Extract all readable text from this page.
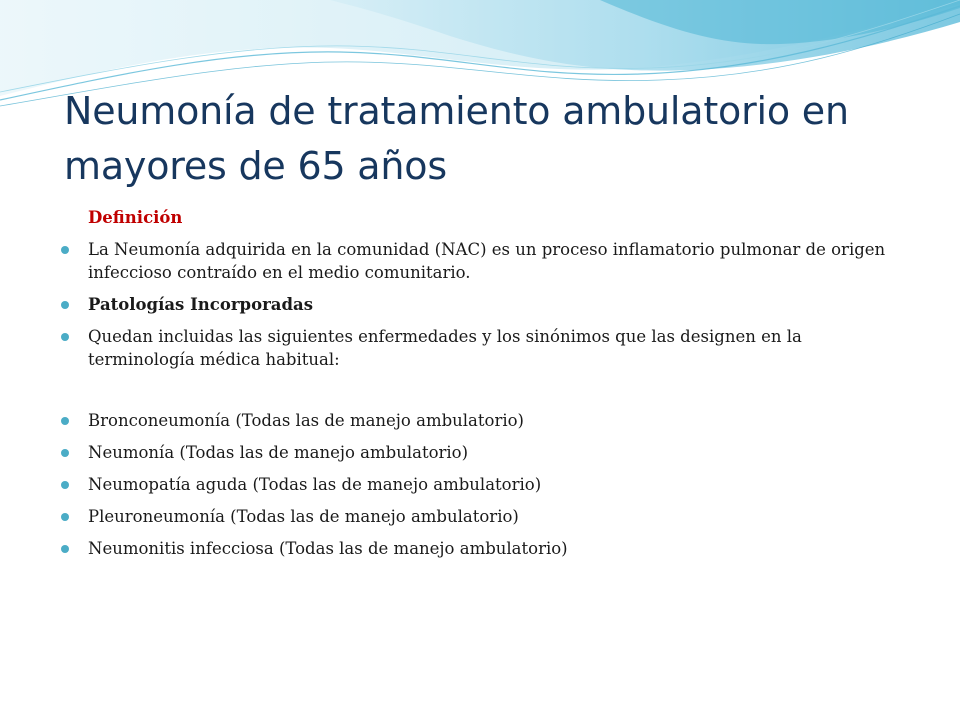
Neumonía de tratamiento ambulatorio en mayores de 65 años

Definición

La Neumonía adquirida en la comunidad (NAC) es un proceso inflamatorio pulmonar de origen infeccioso contraído en el medio comunitario.
Patologías Incorporadas
Quedan incluidas las siguientes enfermedades y los sinónimos que las designen en la terminología médica habitual:
Bronconeumonía (Todas las de manejo ambulatorio)
Neumonía (Todas las de manejo ambulatorio)
Neumopatía aguda (Todas las de manejo ambulatorio)
Pleuroneumonía (Todas las de manejo ambulatorio)
Neumonitis infecciosa (Todas las de manejo ambulatorio)
